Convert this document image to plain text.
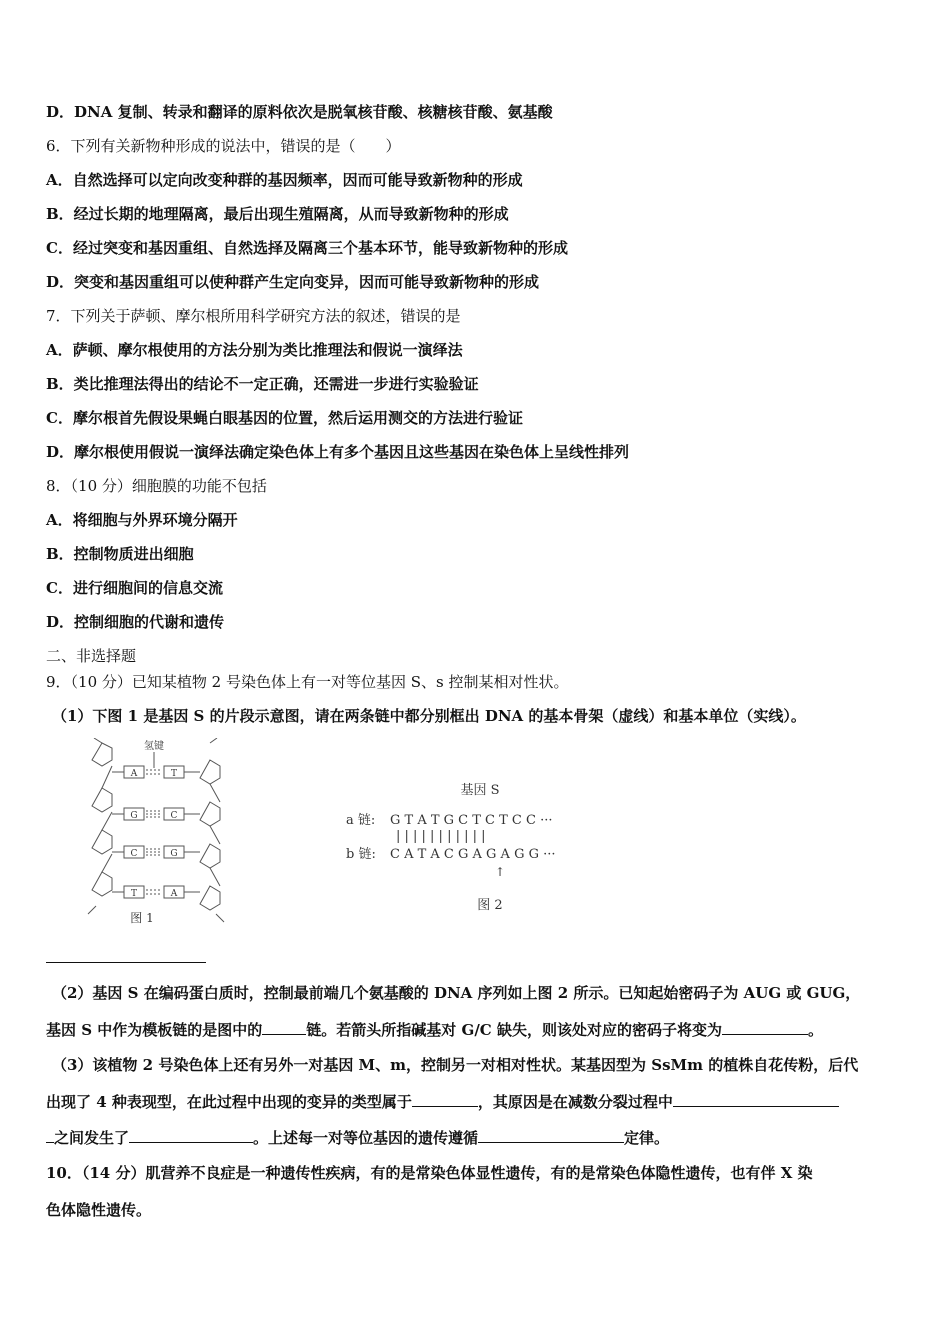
D．DNA 复制、转录和翻译的原料依次是脱氧核苷酸、核糖核苷酸、氨基酸
6．下列有关新物种形成的说法中，错误的是（　　）
A．自然选择可以定向改变种群的基因频率，因而可能导致新物种的形成
B．经过长期的地理隔离，最后出现生殖隔离，从而导致新物种的形成
C．经过突变和基因重组、自然选择及隔离三个基本环节，能导致新物种的形成
D．突变和基因重组可以使种群产生定向变异，因而可能导致新物种的形成
7．下列关于萨顿、摩尔根所用科学研究方法的叙述，错误的是
A．萨顿、摩尔根使用的方法分别为类比推理法和假说一演绎法
B．类比推理法得出的结论不一定正确，还需进一步进行实验验证
C．摩尔根首先假设果蝇白眼基因的位置，然后运用测交的方法进行验证
D．摩尔根使用假说一演绎法确定染色体上有多个基因且这些基因在染色体上呈线性排列
8．（10 分）细胞膜的功能不包括
A．将细胞与外界环境分隔开
B．控制物质进出细胞
C．进行细胞间的信息交流
D．控制细胞的代谢和遗传
二、非选择题
9．（10 分）已知某植物 2 号染色体上有一对等位基因 S、s 控制某相对性状。
（1）下图 1 是基因 S 的片段示意图，请在两条链中都分别框出 DNA 的基本骨架（虚线）和基本单位（实线）。
氢键
A	T
G	C
C	G
T	A
图 1
基因 S
a 链: G T A T G C T C T C C ···
| | | | | | | | | | |
b 链: C A T A C G A G A G G ···
↑
图 2
（2）基因 S 在编码蛋白质时，控制最前端几个氨基酸的 DNA 序列如上图 2 所示。已知起始密码子为 AUG 或 GUG，
基因 S 中作为模板链的是图中的	链。若箭头所指碱基对 G/C 缺失，则该处对应的密码子将变为	。
（3）该植物 2 号染色体上还有另外一对基因 M、m，控制另一对相对性状。某基因型为 SsMm 的植株自花传粉，后代
出现了 4 种表现型，在此过程中出现的变异的类型属于	，其原因是在减数分裂过程中
之间发生了	。上述每一对等位基因的遗传遵循	定律。
10．（14 分）肌营养不良症是一种遗传性疾病，有的是常染色体显性遗传，有的是常染色体隐性遗传，也有伴 X 染
色体隐性遗传。
